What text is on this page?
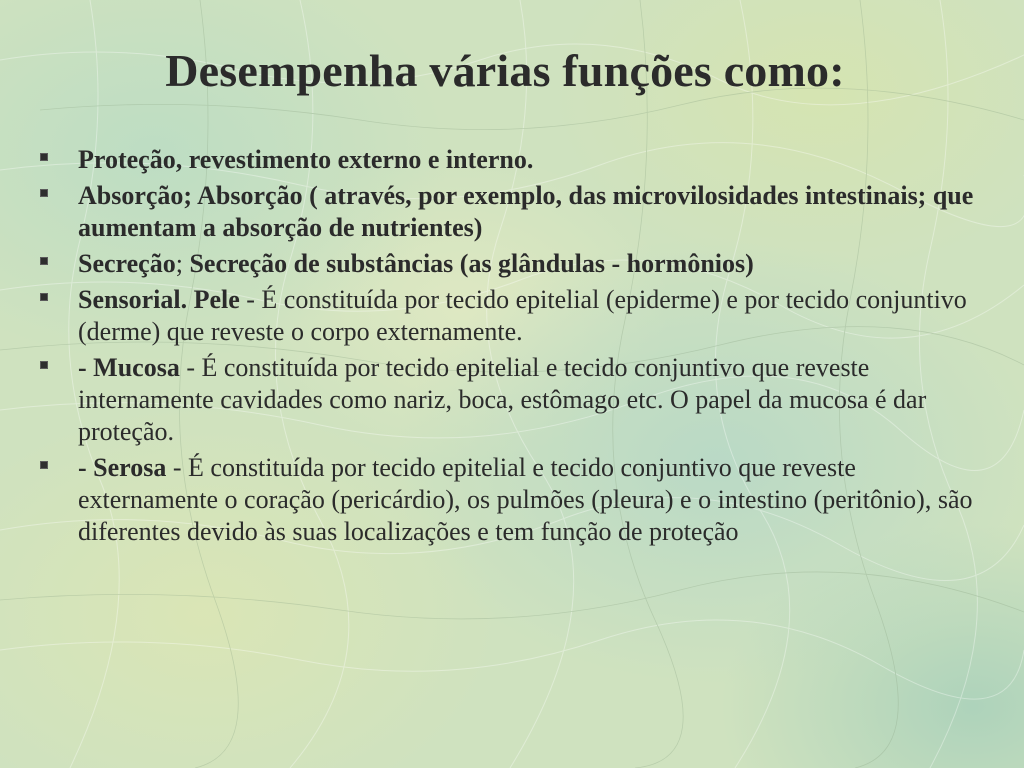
Desempenha várias funções como:
Proteção, revestimento externo e interno.
Absorção; Absorção ( através, por exemplo, das microvilosidades intestinais; que aumentam a absorção de nutrientes)
Secreção; Secreção de substâncias (as glândulas - hormônios)
Sensorial. Pele - É constituída por tecido epitelial (epiderme) e por tecido conjuntivo (derme) que reveste o corpo externamente.
- Mucosa - É constituída por tecido epitelial e tecido conjuntivo que reveste internamente cavidades como nariz, boca, estômago etc. O papel da mucosa é dar proteção.
- Serosa - É constituída por tecido epitelial e tecido conjuntivo que reveste externamente o coração (pericárdio), os pulmões (pleura) e o intestino (peritônio), são diferentes devido às suas localizações e tem função de proteção
